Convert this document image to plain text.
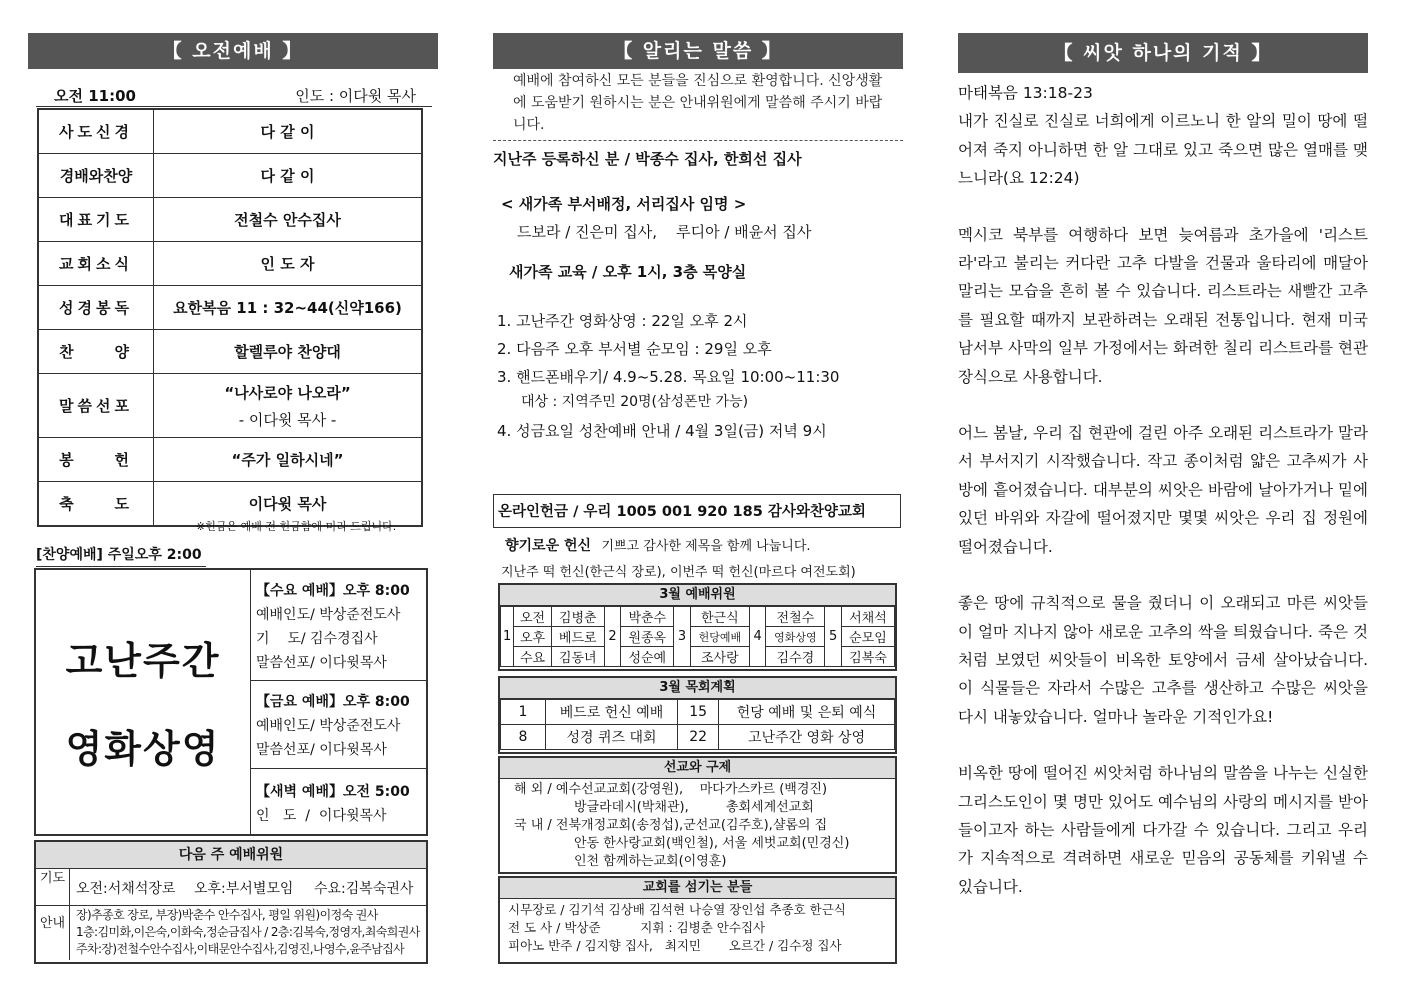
【 오전예배 】
오전 11:00	인도 : 이다윗 목사
사도신경	다 같 이
경배와찬양	다 같 이
대표기도	전철수 안수집사
교회소식	인 도 자
성경봉독	요한복음 11 : 32~44(신약166)
찬    양	할렐루야 찬양대
말씀선포	“나사로야 나오라”
- 이다윗 목사 -

봉    헌	“주가 일하시네”
축    도	이다윗 목사
※헌금은 예배 전 헌금함에 미리 드립니다.
[찬양예배] 주일오후 2:00
고난주간
영화상영
【수요 예배】오후 8:00
예배인도/ 박상준전도사
기    도/ 김수경집사
말씀선포/ 이다윗목사
【금요 예배】오후 8:00
예배인도/ 박상준전도사
말씀선포/ 이다윗목사
【새벽 예배】오전 5:00
인   도  /  이다윗목사
다음 주 예배위원
기도
오전:서채석장로 오후:부서별모임 수요:김복숙권사
안내
장)추종호 장로, 부장)박춘수 안수집사, 평일 위원)이정숙 권사
1층:김미화,이은숙,이화숙,정순금집사 / 2층:김복숙,정영자,최숙희권사
주차:장)전철수안수집사,이태문안수집사,김영진,나영수,윤주남집사
【 알리는 말씀 】
예배에 참여하신 모든 분들을 진심으로 환영합니다. 신앙생활에 도움받기 원하시는 분은 안내위원에게 말씀해 주시기 바랍니다.
지난주 등록하신 분 / 박종수 집사, 한희선 집사
< 새가족 부서배정, 서리집사 임명 >
드보라 / 진은미 집사,    루디아 / 배윤서 집사
새가족 교육 / 오후 1시, 3층 목양실
1. 고난주간 영화상영 : 22일 오후 2시
2. 다음주 오후 부서별 순모임 : 29일 오후
3. 핸드폰배우기/ 4.9~5.28. 목요일 10:00~11:30
대상 : 지역주민 20명(삼성폰만 가능)
4. 성금요일 성찬예배 안내 / 4월 3일(금) 저녁 9시
온라인헌금 / 우리 1005 001 920 185 감사와찬양교회
향기로운 헌신 기쁘고 감사한 제목을 함께 나눕니다.
지난주 떡 헌신(한근식 장로), 이번주 떡 헌신(마르다 여전도회)
3월 예배위원
1	오전	김병춘	2	박춘수	3	한근식	4	전철수	5	서채석
	오후	베드로		원종옥		헌당예배		영화상영		순모임
	수요	김동녀		성순예		조사랑		김수경		김복숙
3월 목회계획
1	베드로 헌신 예배	15	헌당 예배 및 은퇴 예식
8	성경 퀴즈 대회	22	고난주간 영화 상영
선교와 구제
해 외 / 예수선교교회(강영원),    마다가스카르 (백경진)
방글라데시(박채관),         총회세계선교회
국 내 / 전북개정교회(송정섭),군선교(김주호),샬롬의 집
안동 한사랑교회(백인철), 서울 세벗교회(민경신)
인천 함께하는교회(이영훈)
교회를 섬기는 분들
시무장로 / 김기석 김상배 김석현 나승열 장인섭 추종호 한근식
전 도 사 / 박상준          지휘 : 김병춘 안수집사
피아노 반주 / 김지향 집사,   최지민       오르간 / 김수정 집사
【 씨앗 하나의 기적 】

마태복음 13:18-23

내가 진실로 진실로 너희에게 이르노니 한 알의 밀이 땅에 떨어져 죽지 아니하면 한 알 그대로 있고 죽으면 많은 열매를 맺느니라(요 12:24)

멕시코 북부를 여행하다 보면 늦여름과 초가을에 '리스트라'라고 불리는 커다란 고추 다발을 건물과 울타리에 매달아 말리는 모습을 흔히 볼 수 있습니다. 리스트라는 새빨간 고추를 필요할 때까지 보관하려는 오래된 전통입니다. 현재 미국 남서부 사막의 일부 가정에서는 화려한 칠리 리스트라를 현관 장식으로 사용합니다.

어느 봄날, 우리 집 현관에 걸린 아주 오래된 리스트라가 말라서 부서지기 시작했습니다. 작고 종이처럼 얇은 고추씨가 사방에 흩어졌습니다. 대부분의 씨앗은 바람에 날아가거나 밑에 있던 바위와 자갈에 떨어졌지만 몇몇 씨앗은 우리 집 정원에 떨어졌습니다.

좋은 땅에 규칙적으로 물을 줬더니 이 오래되고 마른 씨앗들이 얼마 지나지 않아 새로운 고추의 싹을 틔웠습니다. 죽은 것처럼 보였던 씨앗들이 비옥한 토양에서 금세 살아났습니다. 이 식물들은 자라서 수많은 고추를 생산하고 수많은 씨앗을 다시 내놓았습니다. 얼마나 놀라운 기적인가요!

비옥한 땅에 떨어진 씨앗처럼 하나님의 말씀을 나누는 신실한 그리스도인이 몇 명만 있어도 예수님의 사랑의 메시지를 받아들이고자 하는 사람들에게 다가갈 수 있습니다. 그리고 우리가 지속적으로 격려하면 새로운 믿음의 공동체를 키워낼 수 있습니다.
